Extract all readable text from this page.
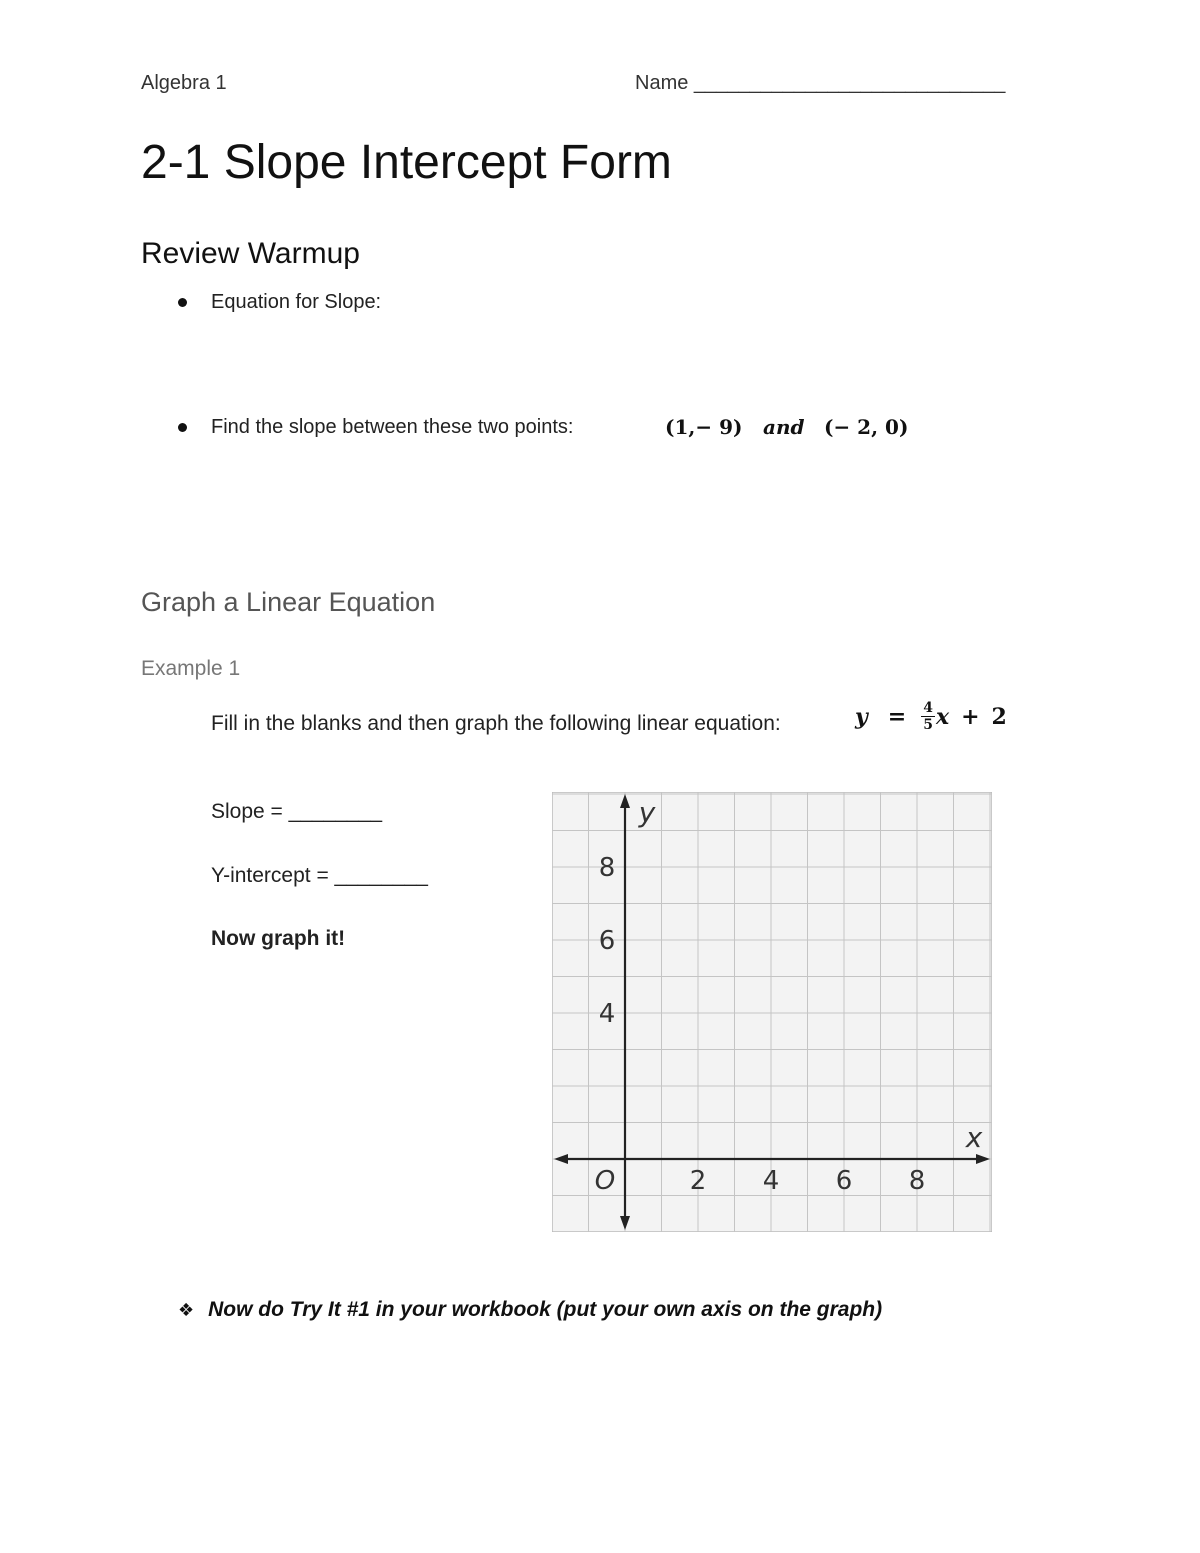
Algebra 1	Name ____________________________
2-1 Slope Intercept Form
Review Warmup
Equation for Slope:
Find the slope between these two points:	(1,− 9) and (− 2, 0)
Graph a Linear Equation
Example 1
Fill in the blanks and then graph the following linear equation:	$y = \frac{4}{5}$ x + 2
Slope = ________
Y-intercept = ________
Now graph it!
2 4 6 8
4
6
8
O
x
y
❖ Now do Try It #1 in your workbook (put your own axis on the graph)
